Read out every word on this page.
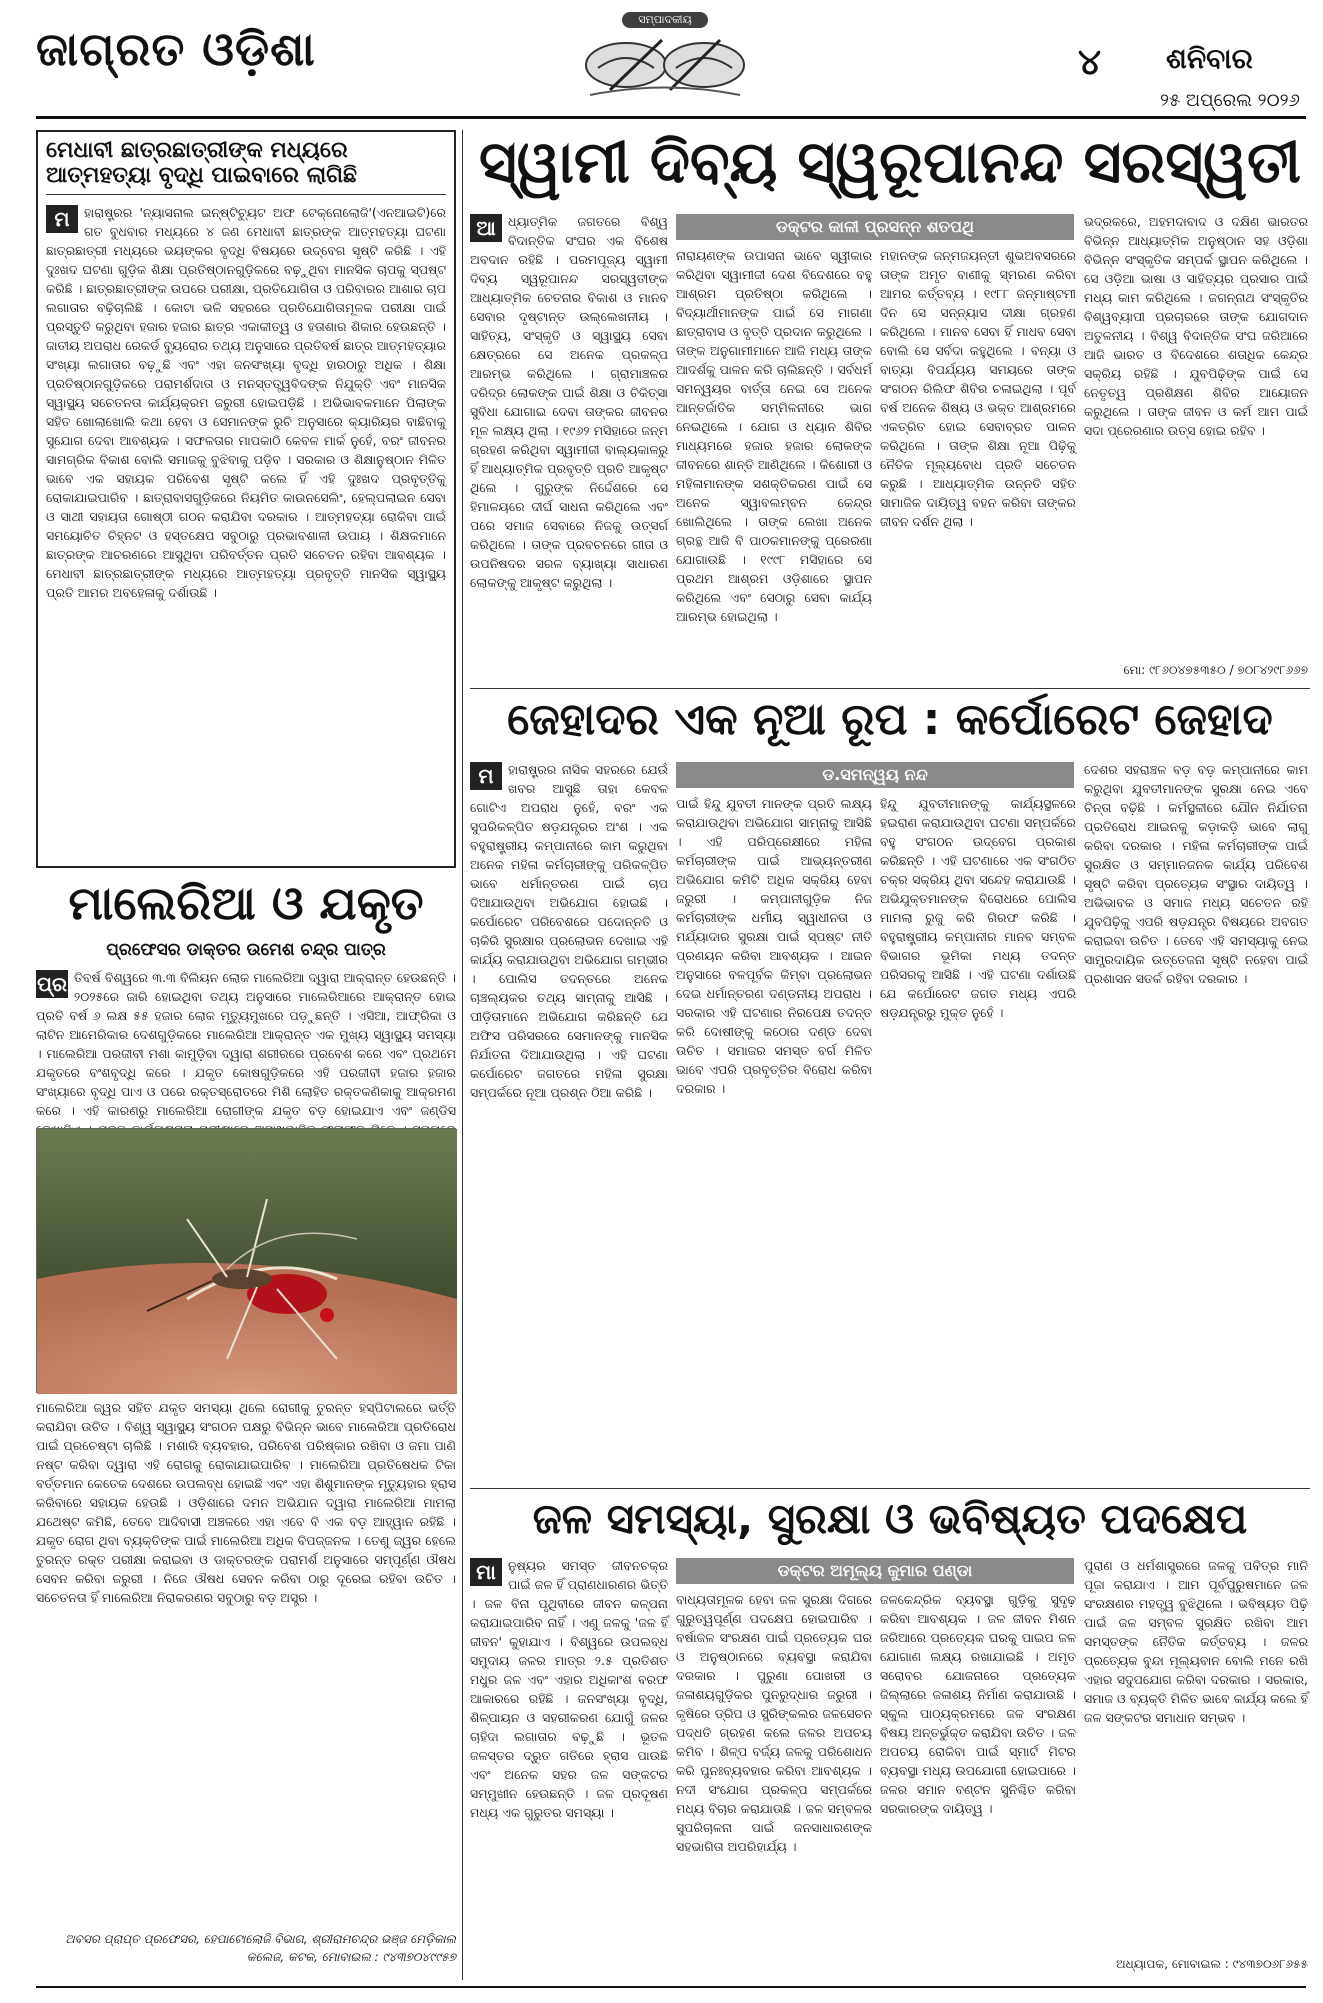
ଜାଗ୍ରତ ଓଡ଼ିଶା
ସମ୍ପାଦକୀୟ
୪ ଶନିବାର
୨୫ ଅପ୍ରେଲ ୨୦୨୬
ମେଧାବୀ ଛାତ୍ରଛାତ୍ରୀଙ୍କ ମଧ୍ୟରେ ଆତ୍ମହତ୍ୟା ବୃଦ୍ଧି ପାଇବାରେ ଲାଗିଛି

ମ	ହାରାଷ୍ଟ୍ରର 'ନ୍ୟାସନାଲ ଇନ୍‌ଷ୍ଟିଚ୍ୟୁଟ ଅଫ ଟେକ୍ନୋଲୋଜି'(ଏନଆଇଟି)ରେ ଗତ ବୁଧବାର ମଧ୍ୟରେ ୪ ଜଣ ମେଧାବୀ ଛାତ୍ରଙ୍କ ଆତ୍ମହତ୍ୟା ଘଟଣା ଛାତ୍ରଛାତ୍ରୀ ମଧ୍ୟରେ ଭୟଙ୍କର ବୃଦ୍ଧି ବିଷୟରେ ଉଦ୍‌ବେଗ ସୃଷ୍ଟି କରିଛି । ଏହି ଦୁଃଖଦ ଘଟଣା ଗୁଡ଼ିକ ଶିକ୍ଷା ପ୍ରତିଷ୍ଠାନଗୁଡ଼ିକରେ ବଢ଼ୁଥିବା ମାନସିକ ଚାପକୁ ସ୍ପଷ୍ଟ କରିଛି । ଛାତ୍ରଛାତ୍ରୀଙ୍କ ଉପରେ ପରୀକ୍ଷା, ପ୍ରତିଯୋଗିତା ଓ ପରିବାରର ଆଶାର ଚାପ ଲଗାତାର ବଢ଼ିଚାଲିଛି । କୋଟା ଭଳି ସହରରେ ପ୍ରତିଯୋଗିତାମୂଳକ ପରୀକ୍ଷା ପାଇଁ ପ୍ରସ୍ତୁତି କରୁଥିବା ହଜାର ହଜାର ଛାତ୍ର ଏକାକୀତ୍ୱ ଓ ହତାଶାର ଶିକାର ହେଉଛନ୍ତି । ଜାତୀୟ ଅପରାଧ ରେକର୍ଡ ବ୍ୟୁରୋର ତଥ୍ୟ ଅନୁସାରେ ପ୍ରତିବର୍ଷ ଛାତ୍ର ଆତ୍ମହତ୍ୟାର ସଂଖ୍ୟା ଲଗାତାର ବଢ଼ୁଛି ଏବଂ ଏହା ଜନସଂଖ୍ୟା ବୃଦ୍ଧି ହାରଠାରୁ ଅଧିକ । ଶିକ୍ଷା ପ୍ରତିଷ୍ଠାନଗୁଡ଼ିକରେ ପରାମର୍ଶଦାତା ଓ ମନସ୍ତତ୍ତ୍ୱବିଦଙ୍କ ନିଯୁକ୍ତି ଏବଂ ମାନସିକ ସ୍ୱାସ୍ଥ୍ୟ ସଚେତନତା କାର୍ଯ୍ୟକ୍ରମ ଜରୁରୀ ହୋଇପଡ଼ିଛି । ଅଭିଭାବକମାନେ ପିଲାଙ୍କ ସହିତ ଖୋଲାଖୋଲି କଥା ହେବା ଓ ସେମାନଙ୍କ ରୁଚି ଅନୁସାରେ କ୍ୟାରିୟର ବାଛିବାକୁ ସୁଯୋଗ ଦେବା ଆବଶ୍ୟକ । ସଫଳତାର ମାପକାଠି କେବଳ ମାର୍କ ନୁହେଁ, ବରଂ ଜୀବନର ସାମଗ୍ରିକ ବିକାଶ ବୋଲି ସମାଜକୁ ବୁଝିବାକୁ ପଡ଼ିବ । ସରକାର ଓ ଶିକ୍ଷାନୁଷ୍ଠାନ ମିଳିତ ଭାବେ ଏକ ସହାୟକ ପରିବେଶ ସୃଷ୍ଟି କଲେ ହିଁ ଏହି ଦୁଃଖଦ ପ୍ରବୃତ୍ତିକୁ ରୋକାଯାଇପାରିବ । ଛାତ୍ରାବାସଗୁଡ଼ିକରେ ନିୟମିତ କାଉନସେଲିଂ, ହେଲ୍‌ପଲାଇନ ସେବା ଓ ସାଥୀ ସହାୟତା ଗୋଷ୍ଠୀ ଗଠନ କରାଯିବା ଦରକାର । ଆତ୍ମହତ୍ୟା ରୋକିବା ପାଇଁ ସମୟୋଚିତ ଚିହ୍ନଟ ଓ ହସ୍ତକ୍ଷେପ ସବୁଠାରୁ ପ୍ରଭାବଶାଳୀ ଉପାୟ । ଶିକ୍ଷକମାନେ ଛାତ୍ରଙ୍କ ଆଚରଣରେ ଆସୁଥିବା ପରିବର୍ତ୍ତନ ପ୍ରତି ସଚେତନ ରହିବା ଆବଶ୍ୟକ । ମେଧାବୀ ଛାତ୍ରଛାତ୍ରୀଙ୍କ ମଧ୍ୟରେ ଆତ୍ମହତ୍ୟା ପ୍ରବୃତ୍ତି ମାନସିକ ସ୍ୱାସ୍ଥ୍ୟ ପ୍ରତି ଆମର ଅବହେଳାକୁ ଦର୍ଶାଉଛି ।

ମାଲେରିଆ ଓ ଯକୃତ
ପ୍ରଫେସର ଡାକ୍ତର ଉମେଶ ଚନ୍ଦ୍ର ପାତ୍ର

ପ୍ର ତିବର୍ଷ ବିଶ୍ୱରେ ୩.୩ ବିଲିୟନ ଲୋକ ମାଲେରିଆ ଦ୍ୱାରା ଆକ୍ରାନ୍ତ ହେଉଛନ୍ତି । ୨୦୨୫ରେ ଜାରି ହୋଇଥିବା ତଥ୍ୟ ଅନୁସାରେ ମାଲେରିଆରେ ଆକ୍ରାନ୍ତ ହୋଇ ପ୍ରତି ବର୍ଷ ୬ ଲକ୍ଷ ୫୫ ହଜାର ଲୋକ ମୃତ୍ୟୁମୁଖରେ ପଡ଼ୁଛନ୍ତି । ଏସିଆ, ଆଫ୍ରିକା ଓ ଲାଟିନ ଆମେରିକାର ଦେଶଗୁଡ଼ିକରେ ମାଲେରିଆ ଆକ୍ରାନ୍ତ ଏକ ମୁଖ୍ୟ ସ୍ୱାସ୍ଥ୍ୟ ସମସ୍ୟା । ମାଲେରିଆ ପରଜୀବୀ ମଶା କାମୁଡ଼ିବା ଦ୍ୱାରା ଶରୀରରେ ପ୍ରବେଶ କରେ ଏବଂ ପ୍ରଥମେ ଯକୃତରେ ବଂଶବୃଦ୍ଧି କରେ । ଯକୃତ କୋଷଗୁଡ଼ିକରେ ଏହି ପରଜୀବୀ ହଜାର ହଜାର ସଂଖ୍ୟାରେ ବୃଦ୍ଧି ପାଏ ଓ ପରେ ରକ୍ତସ୍ରୋତରେ ମିଶି ଲୋହିତ ରକ୍ତକଣିକାକୁ ଆକ୍ରମଣ କରେ । ଏହି କାରଣରୁ ମାଲେରିଆ ରୋଗୀଙ୍କ ଯକୃତ ବଡ଼ ହୋଇଯାଏ ଏବଂ ଜଣ୍ଡିସ

ମାଲେରିଆ ଜ୍ୱର ସହିତ ଯକୃତ ସମସ୍ୟା ଥିଲେ ରୋଗୀକୁ ତୁରନ୍ତ ହସ୍ପିଟାଲରେ ଭର୍ତ୍ତି କରାଯିବା ଉଚିତ । ବିଶ୍ୱ ସ୍ୱାସ୍ଥ୍ୟ ସଂଗଠନ ପକ୍ଷରୁ ବିଭିନ୍ନ ଭାବେ ମାଲେରିଆ ପ୍ରତିରୋଧ ପାଇଁ ପ୍ରଚେଷ୍ଟା ଚାଲିଛି । ମଶାରି ବ୍ୟବହାର, ପରିବେଶ ପରିଷ୍କାର ରଖିବା ଓ ଜମା ପାଣି ନଷ୍ଟ କରିବା ଦ୍ୱାରା ଏହି ରୋଗକୁ ରୋକାଯାଇପାରିବ । ମାଲେରିଆ ପ୍ରତିଷେଧକ ଟିକା ବର୍ତ୍ତମାନ କେତେକ ଦେଶରେ ଉପଲବ୍ଧ ହୋଇଛି ଏବଂ ଏହା ଶିଶୁମାନଙ୍କ ମୃତ୍ୟୁହାର ହ୍ରାସ କରିବାରେ ସହାୟକ ହେଉଛି । ଓଡ଼ିଶାରେ ଦମନ ଅଭିଯାନ ଦ୍ୱାରା ମାଲେରିଆ ମାମଲା ଯଥେଷ୍ଟ କମିଛି, ତେବେ ଆଦିବାସୀ ଅଞ୍ଚଳରେ ଏହା ଏବେ ବି ଏକ ବଡ଼ ଆହ୍ୱାନ ରହିଛି । ଯକୃତ ରୋଗ ଥିବା ବ୍ୟକ୍ତିଙ୍କ ପାଇଁ ମାଲେରିଆ ଅଧିକ ବିପଜ୍ଜନକ । ତେଣୁ ଜ୍ୱର ହେଲେ ତୁରନ୍ତ ରକ୍ତ ପରୀକ୍ଷା କରାଇବା ଓ ଡାକ୍ତରଙ୍କ ପରାମର୍ଶ ଅନୁସାରେ ସମ୍ପୂର୍ଣ୍ଣ ଔଷଧ ସେବନ କରିବା ଜରୁରୀ । ନିଜେ ଔଷଧ ସେବନ କରିବା ଠାରୁ ଦୂରେଇ ରହିବା ଉଚିତ । ସଚେତନତା ହିଁ ମାଲେରିଆ ନିରାକରଣର ସବୁଠାରୁ ବଡ଼ ଅସ୍ତ୍ର ।

ଅବସର ପ୍ରାପ୍ତ ପ୍ରଫେସର, ହେପାଟୋଲୋଜି ବିଭାଗ, ଶ୍ରୀରାମଚନ୍ଦ୍ର ଭଞ୍ଜ ମେଡ଼ିକାଲ କଲେଜ, କଟକ, ମୋବାଇଲ : ୯୪୩୭୦୪୯୯୫୭
ସ୍ୱାମୀ ଦିବ୍ୟ ସ୍ୱରୂପାନନ୍ଦ ସରସ୍ୱତୀ
ଡକ୍ଟର କାଳୀ ପ୍ରସନ୍ନ ଶତପଥି

ଆ ଧ୍ୟାତ୍ମିକ ଜଗତରେ ବିଶ୍ୱ ବିଦାନ୍ତିକ ସଂଘର ଏକ ବିଶେଷ ଅବଦାନ ରହିଛି । ପରମପୂଜ୍ୟ ସ୍ୱାମୀ ଦିବ୍ୟ ସ୍ୱରୂପାନନ୍ଦ ସରସ୍ୱତୀଙ୍କ ଆଧ୍ୟାତ୍ମିକ ଚେତନାର ବିକାଶ ଓ ମାନବ ସେବାର ଦୃଷ୍ଟାନ୍ତ ଉଲ୍ଲେଖନୀୟ । ସାହିତ୍ୟ, ସଂସ୍କୃତି ଓ ସ୍ୱାସ୍ଥ୍ୟ ସେବା କ୍ଷେତ୍ରରେ ସେ ଅନେକ ପ୍ରକଳ୍ପ ଆରମ୍ଭ କରିଥିଲେ । ଗ୍ରାମାଞ୍ଚଳର ଦରିଦ୍ର ଲୋକଙ୍କ ପାଇଁ ଶିକ୍ଷା ଓ ଚିକିତ୍ସା ସୁବିଧା ଯୋଗାଇ ଦେବା ତାଙ୍କର ଜୀବନର ମୂଳ ଲକ୍ଷ୍ୟ ଥିଲା । ୧୯୬୨ ମସିହାରେ ଜନ୍ମ ଗ୍ରହଣ କରିଥିବା ସ୍ୱାମୀଜୀ ବାଲ୍ୟକାଳରୁ ହିଁ ଆଧ୍ୟାତ୍ମିକ ପ୍ରବୃତ୍ତି ପ୍ରତି ଆକୃଷ୍ଟ ଥିଲେ । ଗୁରୁଙ୍କ ନିର୍ଦ୍ଦେଶରେ ସେ ହିମାଳୟରେ ଦୀର୍ଘ ସାଧନା କରିଥିଲେ ଏବଂ ପରେ ସମାଜ ସେବାରେ ନିଜକୁ ଉତ୍ସର୍ଗ କରିଥିଲେ । ତାଙ୍କ ପ୍ରବଚନରେ ଗୀତା ଓ ଉପନିଷଦର ସରଳ ବ୍ୟାଖ୍ୟା ସାଧାରଣ ଲୋକଙ୍କୁ ଆକୃଷ୍ଟ କରୁଥିଲା ।

ନାରାୟଣଙ୍କ ଉପାସନା ଭାବେ ସ୍ୱୀକାର କରିଥିବା ସ୍ୱାମୀଜୀ ଦେଶ ବିଦେଶରେ ବହୁ ଆଶ୍ରମ ପ୍ରତିଷ୍ଠା କରିଥିଲେ । ବିଦ୍ୟାର୍ଥୀମାନଙ୍କ ପାଇଁ ସେ ମାଗଣା ଛାତ୍ରାବାସ ଓ ବୃତ୍ତି ପ୍ରଦାନ କରୁଥିଲେ । ତାଙ୍କ ଅନୁଗାମୀମାନେ ଆଜି ମଧ୍ୟ ତାଙ୍କ ଆଦର୍ଶକୁ ପାଳନ କରି ଚାଲିଛନ୍ତି । ସର୍ବଧର୍ମ ସମନ୍ୱୟର ବାର୍ତ୍ତା ନେଇ ସେ ଅନେକ ଆନ୍ତର୍ଜାତିକ ସମ୍ମିଳନୀରେ ଭାଗ ନେଇଥିଲେ । ଯୋଗ ଓ ଧ୍ୟାନ ଶିବିର ମାଧ୍ୟମରେ ହଜାର ହଜାର ଲୋକଙ୍କ ଜୀବନରେ ଶାନ୍ତି ଆଣିଥିଲେ । କିଶୋରୀ ଓ ମହିଳାମାନଙ୍କ ସଶକ୍ତିକରଣ ପାଇଁ ସେ ଅନେକ ସ୍ୱାବଲମ୍ବନ କେନ୍ଦ୍ର ଖୋଲିଥିଲେ । ତାଙ୍କ ଲେଖା ଅନେକ ଗ୍ରନ୍ଥ ଆଜି ବି ପାଠକମାନଙ୍କୁ ପ୍ରେରଣା ଯୋଗାଉଛି । ୧୯୯୮ ମସିହାରେ ସେ ପ୍ରଥମ ଆଶ୍ରମ ଓଡ଼ିଶାରେ ସ୍ଥାପନ କରିଥିଲେ ଏବଂ ସେଠାରୁ ସେବା କାର୍ଯ୍ୟ ଆରମ୍ଭ ହୋଇଥିଲା ।

ମହାନଙ୍କ ଜନ୍ମଜୟନ୍ତୀ ଶୁଭଅବସରରେ ତାଙ୍କ ଅମୃତ ବାଣୀକୁ ସ୍ମରଣ କରିବା ଆମର କର୍ତ୍ତବ୍ୟ । ୧୯୮୮ ଜନ୍ମାଷ୍ଟମୀ ଦିନ ସେ ସନ୍ନ୍ୟାସ ଦୀକ୍ଷା ଗ୍ରହଣ କରିଥିଲେ । ମାନବ ସେବା ହିଁ ମାଧବ ସେବା ବୋଲି ସେ ସର୍ବଦା କହୁଥିଲେ । ବନ୍ୟା ଓ ବାତ୍ୟା ବିପର୍ଯ୍ୟୟ ସମୟରେ ତାଙ୍କ ସଂଗଠନ ରିଲିଫ ଶିବିର ଚଳାଇଥିଲା । ପୂର୍ବ ବର୍ଷ ଅନେକ ଶିଷ୍ୟ ଓ ଭକ୍ତ ଆଶ୍ରମରେ ଏକତ୍ରିତ ହୋଇ ସେବାବ୍ରତ ପାଳନ କରିଥିଲେ । ତାଙ୍କ ଶିକ୍ଷା ନୂଆ ପିଢ଼ିକୁ ନୈତିକ ମୂଲ୍ୟବୋଧ ପ୍ରତି ସଚେତନ କରୁଛି । ଆଧ୍ୟାତ୍ମିକ ଉନ୍ନତି ସହିତ ସାମାଜିକ ଦାୟିତ୍ୱ ବହନ କରିବା ତାଙ୍କର ଜୀବନ ଦର୍ଶନ ଥିଲା ।

ଭଦ୍ରକରେ, ଅହମଦାବାଦ ଓ ଦକ୍ଷିଣ ଭାରତର ବିଭିନ୍ନ ଆଧ୍ୟାତ୍ମିକ ଅନୁଷ୍ଠାନ ସହ ଓଡ଼ିଶା ବିଭିନ୍ନ ସଂସ୍କୃତିକ ସମ୍ପର୍କ ସ୍ଥାପନ କରିଥିଲେ । ସେ ଓଡ଼ିଆ ଭାଷା ଓ ସାହିତ୍ୟର ପ୍ରସାର ପାଇଁ ମଧ୍ୟ କାମ କରିଥିଲେ । ଜଗନ୍ନାଥ ସଂସ୍କୃତିର ବିଶ୍ୱବ୍ୟାପୀ ପ୍ରଚାରରେ ତାଙ୍କ ଯୋଗଦାନ ଅତୁଳନୀୟ । ବିଶ୍ୱ ବିଦାନ୍ତିକ ସଂଘ ଜରିଆରେ ଆଜି ଭାରତ ଓ ବିଦେଶରେ ଶତାଧିକ କେନ୍ଦ୍ର ସକ୍ରିୟ ରହିଛି । ଯୁବପିଢ଼ିଙ୍କ ପାଇଁ ସେ ନେତୃତ୍ୱ ପ୍ରଶିକ୍ଷଣ ଶିବିର ଆୟୋଜନ କରୁଥିଲେ । ତାଙ୍କ ଜୀବନ ଓ କର୍ମ ଆମ ପାଇଁ ସଦା ପ୍ରେରଣାର ଉତ୍ସ ହୋଇ ରହିବ ।

ମୋ: ୯୮୬୦୪୭୫୩୫୦ / ୭୦୮୪୨୯୮୬୬୭
ଜେହାଦର ଏକ ନୂଆ ରୂପ : କର୍ପୋରେଟ ଜେହାଦ
ଡ.ସମନ୍ୱୟ ନନ୍ଦ

ମ	ହାରାଷ୍ଟ୍ରର ନାସିକ ସହରରେ ଯେଉଁ ଖବର ଆସୁଛି ତାହା କେବଳ ଗୋଟିଏ ଅପରାଧ ନୁହେଁ, ବରଂ ଏକ ସୁପରିକଳ୍ପିତ ଷଡ଼ଯନ୍ତ୍ରର ଅଂଶ । ଏକ ବହୁରାଷ୍ଟ୍ରୀୟ କମ୍ପାନୀରେ କାମ କରୁଥିବା ଅନେକ ମହିଳା କର୍ମଚାରୀଙ୍କୁ ପରିକଳ୍ପିତ ଭାବେ ଧର୍ମାନ୍ତରଣ ପାଇଁ ଚାପ ଦିଆଯାଉଥିବା ଅଭିଯୋଗ ହୋଇଛି । କର୍ପୋରେଟ ପରିବେଶରେ ପଦୋନ୍ନତି ଓ ଚାକିରି ସୁରକ୍ଷାର ପ୍ରଲୋଭନ ଦେଖାଇ ଏହି କାର୍ଯ୍ୟ କରାଯାଉଥିବା ଅଭିଯୋଗ ଗମ୍ଭୀର । ପୋଲିସ ତଦନ୍ତରେ ଅନେକ ଚାଞ୍ଚଲ୍ୟକର ତଥ୍ୟ ସାମ୍ନାକୁ ଆସିଛି । ପୀଡ଼ିତାମାନେ ଅଭିଯୋଗ କରିଛନ୍ତି ଯେ ଅଫିସ ପରିସରରେ ସେମାନଙ୍କୁ ମାନସିକ ନିର୍ଯାତନା ଦିଆଯାଉଥିଲା । ଏହି ଘଟଣା କର୍ପୋରେଟ ଜଗତରେ ମହିଳା ସୁରକ୍ଷା ସମ୍ପର୍କରେ ନୂଆ ପ୍ରଶ୍ନ ଠିଆ କରିଛି ।

ପାଇଁ ହିନ୍ଦୁ ଯୁବତୀ ମାନଙ୍କ ପ୍ରତି ଲକ୍ଷ୍ୟ କରାଯାଉଥିବା ଅଭିଯୋଗ ସାମ୍ନାକୁ ଆସିଛି । ଏହି ପରିପ୍ରେକ୍ଷୀରେ ମହିଳା କର୍ମଚାରୀଙ୍କ ପାଇଁ ଆଭ୍ୟନ୍ତରୀଣ ଅଭିଯୋଗ କମିଟି ଅଧିକ ସକ୍ରିୟ ହେବା ଜରୁରୀ । କମ୍ପାନୀଗୁଡ଼ିକ ନିଜ କର୍ମଚାରୀଙ୍କ ଧର୍ମୀୟ ସ୍ୱାଧୀନତା ଓ ମର୍ଯ୍ୟାଦାର ସୁରକ୍ଷା ପାଇଁ ସ୍ପଷ୍ଟ ନୀତି ପ୍ରଣୟନ କରିବା ଆବଶ୍ୟକ । ଆଇନ ଅନୁସାରେ ବଳପୂର୍ବକ କିମ୍ବା ପ୍ରଲୋଭନ ଦେଇ ଧର୍ମାନ୍ତରଣ ଦଣ୍ଡନୀୟ ଅପରାଧ । ସରକାର ଏହି ଘଟଣାର ନିରପେକ୍ଷ ତଦନ୍ତ କରି ଦୋଷୀଙ୍କୁ କଠୋର ଦଣ୍ଡ ଦେବା ଉଚିତ । ସମାଜର ସମସ୍ତ ବର୍ଗ ମିଳିତ ଭାବେ ଏପରି ପ୍ରବୃତ୍ତିର ବିରୋଧ କରିବା ଦରକାର ।

ହିନ୍ଦୁ ଯୁବତୀମାନଙ୍କୁ କାର୍ଯ୍ୟସ୍ଥଳରେ ହଇରାଣ କରାଯାଉଥିବା ଘଟଣା ସମ୍ପର୍କରେ ବହୁ ସଂଗଠନ ଉଦ୍‌ବେଗ ପ୍ରକାଶ କରିଛନ୍ତି । ଏହି ଘଟଣାରେ ଏକ ସଂଗଠିତ ଚକ୍ର ସକ୍ରିୟ ଥିବା ସନ୍ଦେହ କରାଯାଉଛି । ଅଭିଯୁକ୍ତମାନଙ୍କ ବିରୋଧରେ ପୋଲିସ ମାମଲା ରୁଜୁ କରି ଗିରଫ କରିଛି । ବହୁରାଷ୍ଟ୍ରୀୟ କମ୍ପାନୀର ମାନବ ସମ୍ବଳ ବିଭାଗର ଭୂମିକା ମଧ୍ୟ ତଦନ୍ତ ପରିସରକୁ ଆସିଛି । ଏହି ଘଟଣା ଦର୍ଶାଉଛି ଯେ କର୍ପୋରେଟ ଜଗତ ମଧ୍ୟ ଏପରି ଷଡ଼ଯନ୍ତ୍ରରୁ ମୁକ୍ତ ନୁହେଁ ।

ଦେଶର ସହରାଞ୍ଚଳ ବଡ଼ ବଡ଼ କମ୍ପାନୀରେ କାମ କରୁଥିବା ଯୁବତୀମାନଙ୍କ ସୁରକ୍ଷା ନେଇ ଏବେ ଚିନ୍ତା ବଢ଼ିଛି । କର୍ମସ୍ଥଳୀରେ ଯୌନ ନିର୍ଯାତନା ପ୍ରତିରୋଧ ଆଇନକୁ କଡ଼ାକଡ଼ି ଭାବେ ଲାଗୁ କରିବା ଦରକାର । ମହିଳା କର୍ମଚାରୀଙ୍କ ପାଇଁ ସୁରକ୍ଷିତ ଓ ସମ୍ମାନଜନକ କାର୍ଯ୍ୟ ପରିବେଶ ସୃଷ୍ଟି କରିବା ପ୍ରତ୍ୟେକ ସଂସ୍ଥାର ଦାୟିତ୍ୱ । ଅଭିଭାବକ ଓ ସମାଜ ମଧ୍ୟ ସଚେତନ ରହି ଯୁବପିଢ଼ିକୁ ଏପରି ଷଡ଼ଯନ୍ତ୍ର ବିଷୟରେ ଅବଗତ କରାଇବା ଉଚିତ । ତେବେ ଏହି ସମସ୍ୟାକୁ ନେଇ ସାମ୍ପ୍ରଦାୟିକ ଉତ୍ତେଜନା ସୃଷ୍ଟି ନହେବା ପାଇଁ ପ୍ରଶାସନ ସତର୍କ ରହିବା ଦରକାର ।

ଜଳ ସମସ୍ୟା, ସୁରକ୍ଷା ଓ ଭବିଷ୍ୟତ ପଦକ୍ଷେପ
ଡକ୍ଟର ଅମୂଲ୍ୟ କୁମାର ପଣ୍ଡା

ମା ନୁଷ୍ୟର ସମସ୍ତ ଜୀବନଚକ୍ର ପାଇଁ ଜଳ ହିଁ ପ୍ରାଣଧାରଣର ଭିତ୍ତି । ଜଳ ବିନା ପୃଥିବୀରେ ଜୀବନ କଳ୍ପନା କରାଯାଇପାରିବ ନାହିଁ । ଏଣୁ ଜଳକୁ 'ଜଳ ହିଁ ଜୀବନ' କୁହାଯାଏ । ବିଶ୍ୱରେ ଉପଲବ୍ଧ ସମୁଦାୟ ଜଳର ମାତ୍ର ୨.୫ ପ୍ରତିଶତ ମଧୁର ଜଳ ଏବଂ ଏହାର ଅଧିକାଂଶ ବରଫ ଆକାରରେ ରହିଛି । ଜନସଂଖ୍ୟା ବୃଦ୍ଧି, ଶିଳ୍ପାୟନ ଓ ସହରୀକରଣ ଯୋଗୁଁ ଜଳର ଚାହିଦା ଲଗାତାର ବଢ଼ୁଛି । ଭୂତଳ ଜଳସ୍ତର ଦ୍ରୁତ ଗତିରେ ହ୍ରାସ ପାଉଛି ଏବଂ ଅନେକ ସହର ଜଳ ସଙ୍କଟର ସମ୍ମୁଖୀନ ହେଉଛନ୍ତି । ଜଳ ପ୍ରଦୂଷଣ ମଧ୍ୟ ଏକ ଗୁରୁତର ସମସ୍ୟା ।

ବାଧ୍ୟତାମୂଳକ ହେବା ଜଳ ସୁରକ୍ଷା ଦିଗରେ ଗୁରୁତ୍ୱପୂର୍ଣ୍ଣ ପଦକ୍ଷେପ ହୋଇପାରିବ । ବର୍ଷାଜଳ ସଂରକ୍ଷଣ ପାଇଁ ପ୍ରତ୍ୟେକ ଘର ଓ ଅନୁଷ୍ଠାନରେ ବ୍ୟବସ୍ଥା କରାଯିବା ଦରକାର । ପୁରୁଣା ପୋଖରୀ ଓ ଜଳାଶୟଗୁଡ଼ିକର ପୁନରୁଦ୍ଧାର ଜରୁରୀ । କୃଷିରେ ଡ୍ରିପ ଓ ସ୍ପ୍ରିଙ୍କଲର ଜଳସେଚନ ପଦ୍ଧତି ଗ୍ରହଣ କଲେ ଜଳର ଅପଚୟ କମିବ । ଶିଳ୍ପ ବର୍ଜ୍ୟ ଜଳକୁ ପରିଶୋଧନ କରି ପୁନଃବ୍ୟବହାର କରିବା ଆବଶ୍ୟକ । ନଦୀ ସଂଯୋଗ ପ୍ରକଳ୍ପ ସମ୍ପର୍କରେ ମଧ୍ୟ ବିଚାର କରାଯାଉଛି । ଜଳ ସମ୍ବଳର ସୁପରିଚାଳନା ପାଇଁ ଜନସାଧାରଣଙ୍କ ସହଭାଗିତା ଅପରିହାର୍ଯ୍ୟ ।

ଜଳକେନ୍ଦ୍ରିକ ବ୍ୟବସ୍ଥା ଗୁଡ଼ିକୁ ସୁଦୃଢ଼ କରିବା ଆବଶ୍ୟକ । ଜଳ ଜୀବନ ମିଶନ ଜରିଆରେ ପ୍ରତ୍ୟେକ ଘରକୁ ପାଇପ ଜଳ ଯୋଗାଣ ଲକ୍ଷ୍ୟ ରଖାଯାଇଛି । ଅମୃତ ସରୋବର ଯୋଜନାରେ ପ୍ରତ୍ୟେକ ଜିଲ୍ଲାରେ ଜଳାଶୟ ନିର୍ମାଣ କରାଯାଉଛି । ସ୍କୁଲ ପାଠ୍ୟକ୍ରମରେ ଜଳ ସଂରକ୍ଷଣ ବିଷୟ ଅନ୍ତର୍ଭୁକ୍ତ କରାଯିବା ଉଚିତ । ଜଳ ଅପଚୟ ରୋକିବା ପାଇଁ ସ୍ମାର୍ଟ ମିଟର ବ୍ୟବସ୍ଥା ମଧ୍ୟ ଉପଯୋଗୀ ହୋଇପାରେ । ଜଳର ସମାନ ବଣ୍ଟନ ସୁନିଶ୍ଚିତ କରିବା ସରକାରଙ୍କ ଦାୟିତ୍ୱ ।

ପୁରାଣ ଓ ଧର୍ମଶାସ୍ତ୍ରରେ ଜଳକୁ ପବିତ୍ର ମାନି ପୂଜା କରାଯାଏ । ଆମ ପୂର୍ବପୁରୁଷମାନେ ଜଳ ସଂରକ୍ଷଣର ମହତ୍ତ୍ୱ ବୁଝିଥିଲେ । ଭବିଷ୍ୟତ ପିଢ଼ି ପାଇଁ ଜଳ ସମ୍ବଳ ସୁରକ୍ଷିତ ରଖିବା ଆମ ସମସ୍ତଙ୍କ ନୈତିକ କର୍ତ୍ତବ୍ୟ । ଜଳର ପ୍ରତ୍ୟେକ ବୁନ୍ଦା ମୂଲ୍ୟବାନ ବୋଲି ମନେ ରଖି ଏହାର ସଦୁପଯୋଗ କରିବା ଦରକାର । ସରକାର, ସମାଜ ଓ ବ୍ୟକ୍ତି ମିଳିତ ଭାବେ କାର୍ଯ୍ୟ କଲେ ହିଁ ଜଳ ସଙ୍କଟର ସମାଧାନ ସମ୍ଭବ ।

ଅଧ୍ୟାପକ, ମୋବାଇଲ : ୯୪୩୭୦୬୮୬୫୫
